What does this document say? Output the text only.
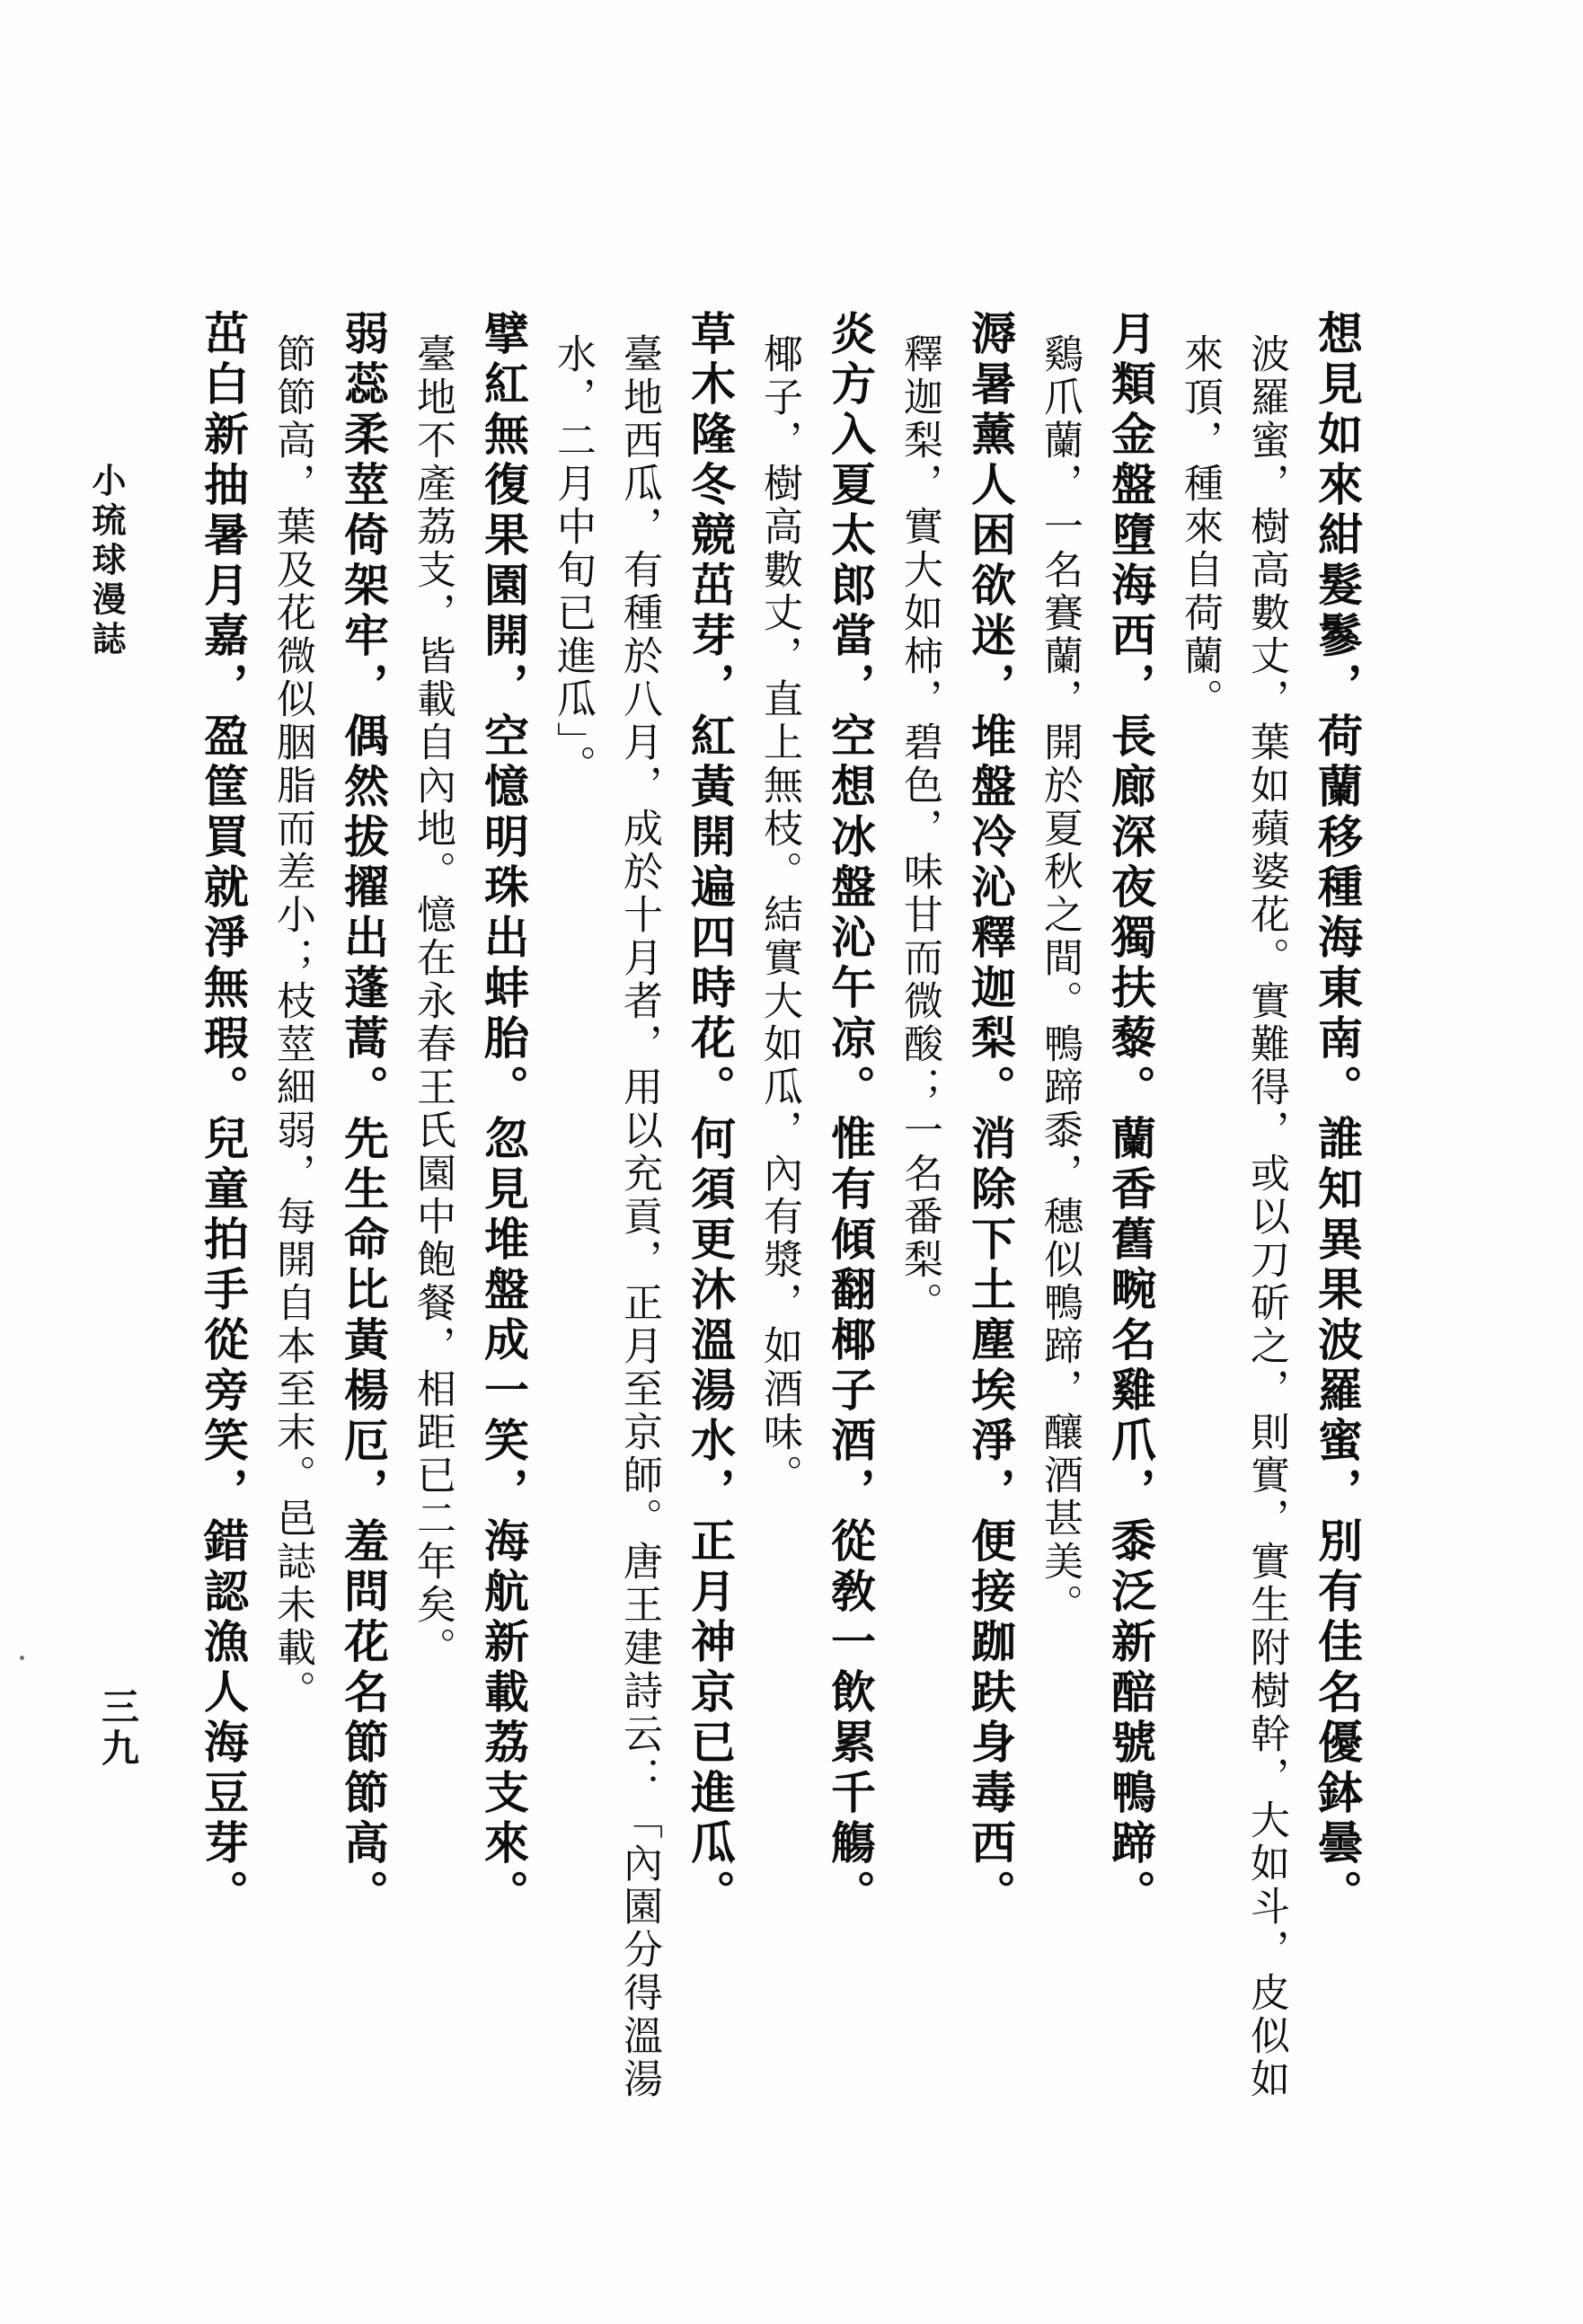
想見如來紺髮鬖，荷蘭移種海東南。誰知異果波羅蜜，別有佳名優鉢曇。
波羅蜜，樹高數丈，葉如蘋婆花。實難得，或以刀斫之，則實，實生附樹幹，大如斗，皮似如
來頂，種來自荷蘭。
月類金盤墮海西，長廊深夜獨扶藜。蘭香舊畹名雞爪，黍泛新醅號鴨蹄。
鷄爪蘭，一名賽蘭，開於夏秋之間。鴨蹄黍，穗似鴨蹄，釀酒甚美。
溽暑薰人困欲迷，堆盤冷沁釋迦梨。消除下土塵埃淨，便接跏趺身毒西。
釋迦梨，實大如柿，碧色，味甘而微酸；一名番梨。
炎方入夏太郎當，空想冰盤沁午凉。惟有傾翻椰子酒，從敎一飲累千觴。
椰子，樹高數丈，直上無枝。結實大如瓜，內有漿，如酒味。
草木隆冬競茁芽，紅黃開遍四時花。何須更沐溫湯水，正月神京已進瓜。
臺地西瓜，有種於八月，成於十月者，用以充貢，正月至京師。唐王建詩云：「內園分得溫湯
水，二月中旬已進瓜」。
擘紅無復果園開，空憶明珠出蚌胎。忽見堆盤成一笑，海航新載荔支來。
臺地不產荔支，皆載自內地。憶在永春王氏園中飽餐，相距已二年矣。
弱蕊柔莖倚架牢，偶然拔擢出蓬蒿。先生命比黃楊厄，羞問花名節節高。
節節高，葉及花微似胭脂而差小；枝莖細弱，每開自本至末。邑誌未載。
茁白新抽暑月嘉，盈筐買就淨無瑕。兒童拍手從旁笑，錯認漁人海豆芽。
小琉球漫誌
三九
